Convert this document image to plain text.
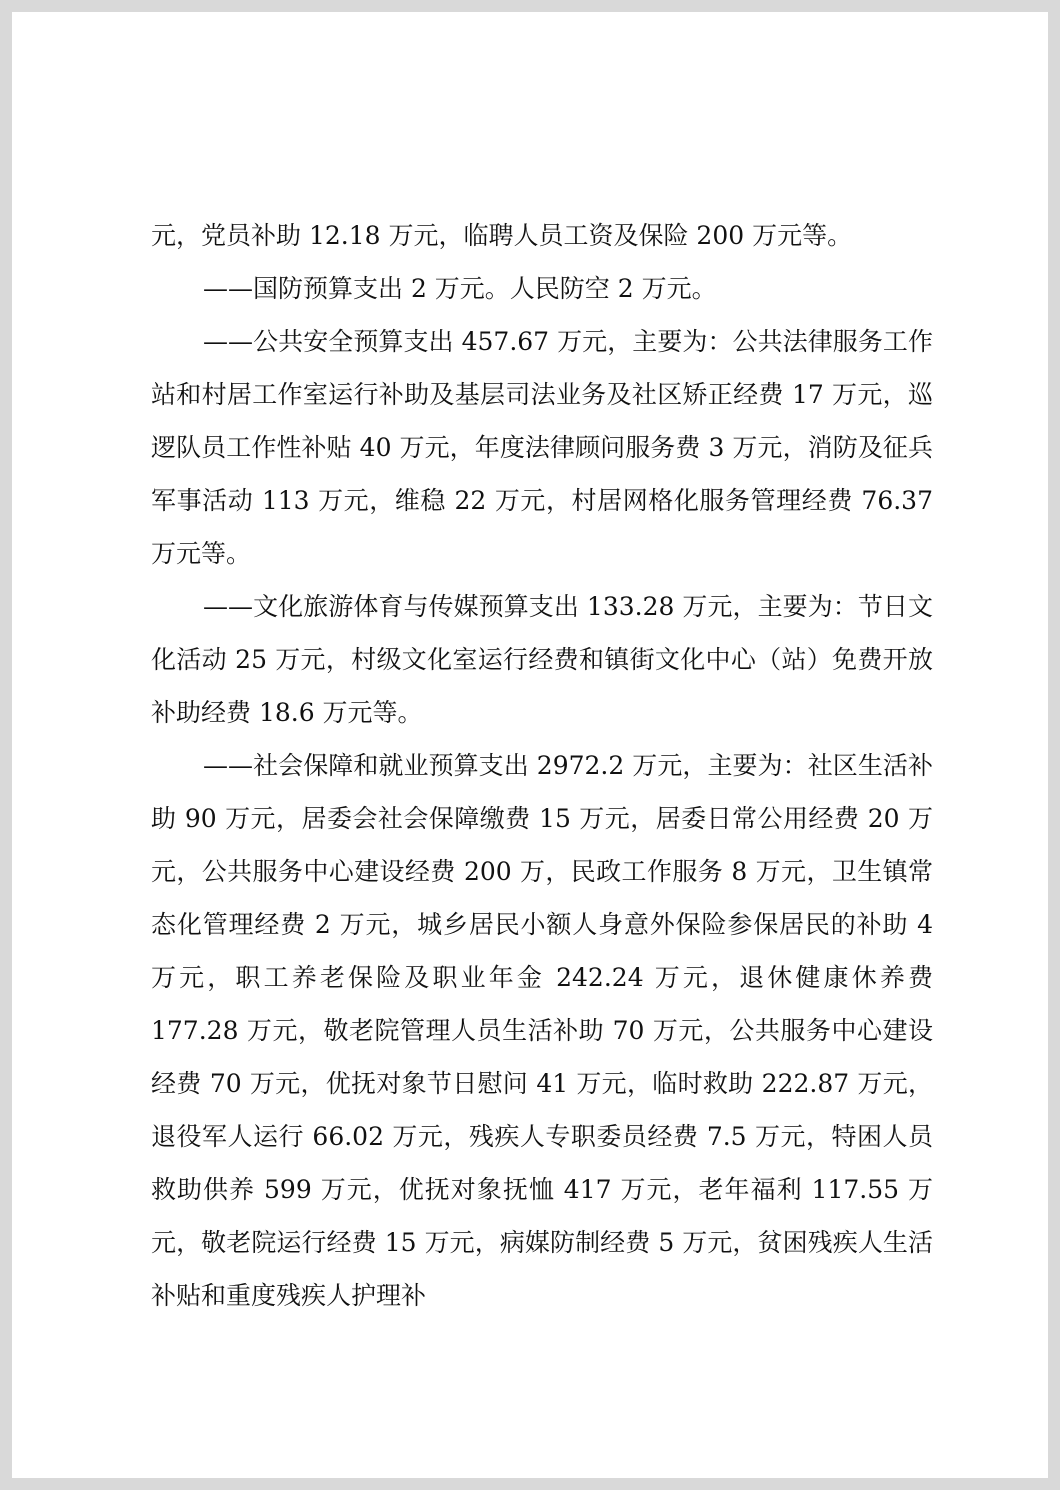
元，党员补助 12.18 万元，临聘人员工资及保险 200 万元等。

——国防预算支出 2 万元。人民防空 2 万元。

——公共安全预算支出 457.67 万元，主要为：公共法律服务工作站和村居工作室运行补助及基层司法业务及社区矫正经费 17 万元，巡逻队员工作性补贴 40 万元，年度法律顾问服务费 3 万元，消防及征兵军事活动 113 万元，维稳 22 万元，村居网格化服务管理经费 76.37 万元等。

——文化旅游体育与传媒预算支出 133.28 万元，主要为：节日文化活动 25 万元，村级文化室运行经费和镇街文化中心（站）免费开放补助经费 18.6 万元等。

——社会保障和就业预算支出 2972.2 万元，主要为：社区生活补助 90 万元，居委会社会保障缴费 15 万元，居委日常公用经费 20 万元，公共服务中心建设经费 200 万，民政工作服务 8 万元，卫生镇常态化管理经费 2 万元，城乡居民小额人身意外保险参保居民的补助 4 万元，职工养老保险及职业年金 242.24 万元，退休健康休养费 177.28 万元，敬老院管理人员生活补助 70 万元，公共服务中心建设经费 70 万元，优抚对象节日慰问 41 万元，临时救助 222.87 万元，退役军人运行 66.02 万元，残疾人专职委员经费 7.5 万元，特困人员救助供养 599 万元，优抚对象抚恤 417 万元，老年福利 117.55 万元，敬老院运行经费 15 万元，病媒防制经费 5 万元，贫困残疾人生活补贴和重度残疾人护理补
